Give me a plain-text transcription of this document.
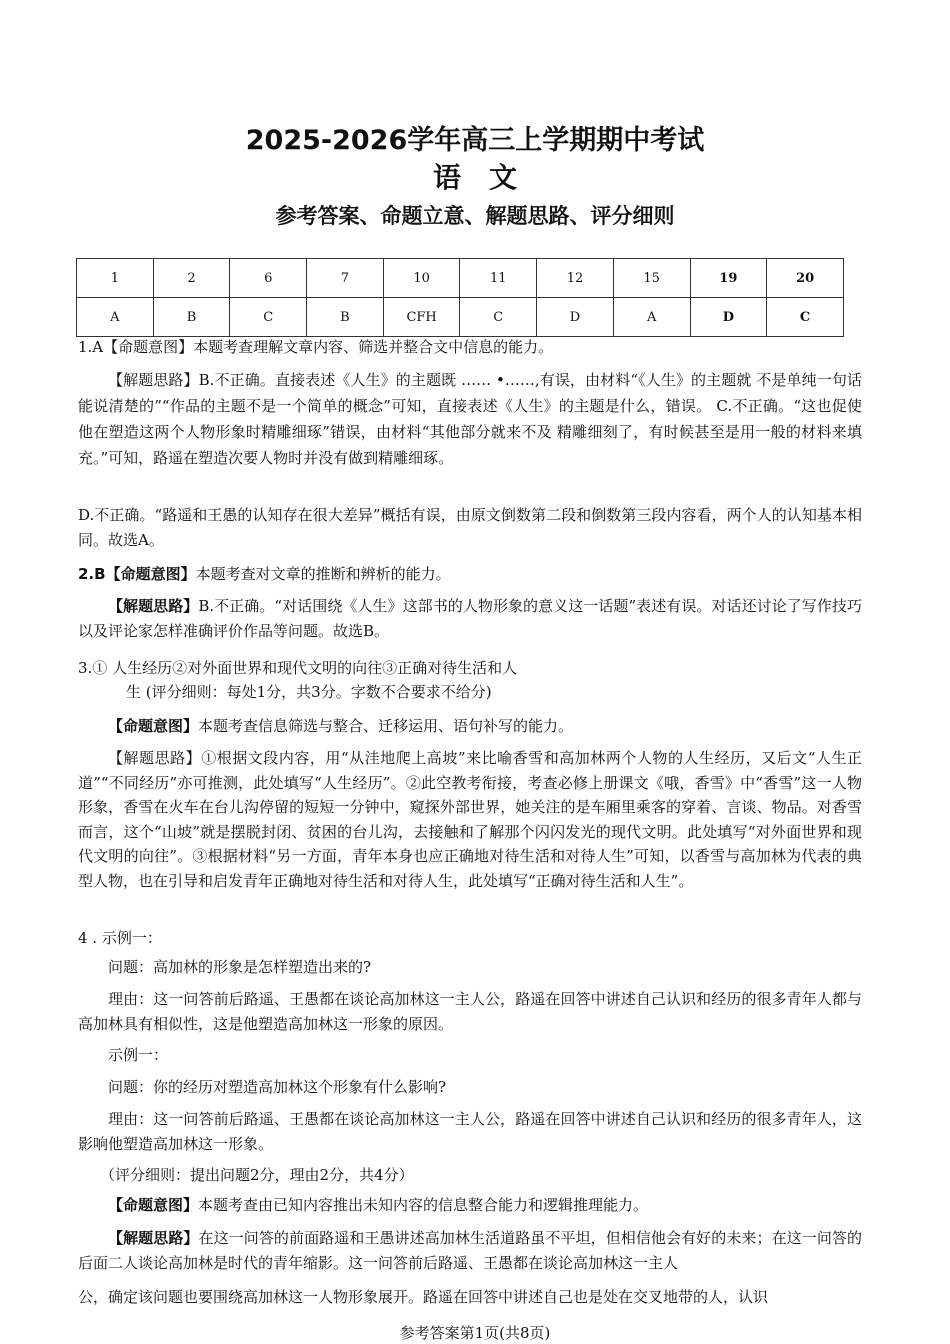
2025-2026学年高三上学期期中考试
语　文
参考答案、命题立意、解题思路、评分细则
1	2	6	7	10	11	12	15	19	20
A	B	C	B	CFH	C	D	A	D	C
1.A【命题意图】本题考查理解文章内容、筛选并整合文中信息的能力。
【解题思路】B.不正确。直接表述《人生》的主题既 …… •……,有误，由材料“《人生》的主题就 不是单纯一句话能说清楚的”“作品的主题不是一个简单的概念”可知，直接表述《人生》的主题是什么，错误。 C.不正确。“这也促使他在塑造这两个人物形象时精雕细琢”错误，由材料“其他部分就来不及 精雕细刻了，有时候甚至是用一般的材料来填充。”可知，路遥在塑造次要人物时并没有做到精雕细琢。
D.不正确。“路遥和王愚的认知存在很大差异”概括有误，由原文倒数第二段和倒数第三段内容看，两个人的认知基本相同。故选A。
2.B【命题意图】本题考查对文章的推断和辨析的能力。
【解题思路】B.不正确。“对话围绕《人生》这部书的人物形象的意义这一话题”表述有误。对话还讨论了写作技巧以及评论家怎样准确评价作品等问题。故选B。
3.① 人生经历②对外面世界和现代文明的向往③正确对待生活和人
生 (评分细则：每处1分，共3分。字数不合要求不给分)
【命题意图】本题考查信息筛选与整合、迁移运用、语句补写的能力。
【解题思路】①根据文段内容，用“从洼地爬上高坡”来比喻香雪和高加林两个人物的人生经历，又后文“人生正道”“不同经历”亦可推测，此处填写“人生经历”。②此空教考衔接，考查必修上册课文《哦，香雪》中“香雪”这一人物形象，香雪在火车在台儿沟停留的短短一分钟中，窥探外部世界，她关注的是车厢里乘客的穿着、言谈、物品。对香雪而言，这个“山坡”就是摆脱封闭、贫困的台儿沟，去接触和了解那个闪闪发光的现代文明。此处填写“对外面世界和现代文明的向往”。③根据材料“另一方面，青年本身也应正确地对待生活和对待人生”可知，以香雪与高加林为代表的典型人物，也在引导和启发青年正确地对待生活和对待人生，此处填写“正确对待生活和人生”。
4 . 示例一：
问题：高加林的形象是怎样塑造出来的?
理由：这一问答前后路遥、王愚都在谈论高加林这一主人公，路遥在回答中讲述自己认识和经历的很多青年人都与高加林具有相似性，这是他塑造高加林这一形象的原因。
示例一：
问题：你的经历对塑造高加林这个形象有什么影响?
理由：这一问答前后路遥、王愚都在谈论高加林这一主人公，路遥在回答中讲述自己认识和经历的很多青年人，这影响他塑造高加林这一形象。
（评分细则：提出问题2分，理由2分，共4分）
【命题意图】本题考查由已知内容推出未知内容的信息整合能力和逻辑推理能力。
【解题思路】在这一问答的前面路遥和王愚讲述高加林生活道路虽不平坦，但相信他会有好的未来；在这一问答的后面二人谈论高加林是时代的青年缩影。这一问答前后路遥、王愚都在谈论高加林这一主人
公，确定该问题也要围绕高加林这一人物形象展开。路遥在回答中讲述自己也是处在交叉地带的人，认识
参考答案第1页(共8页)
